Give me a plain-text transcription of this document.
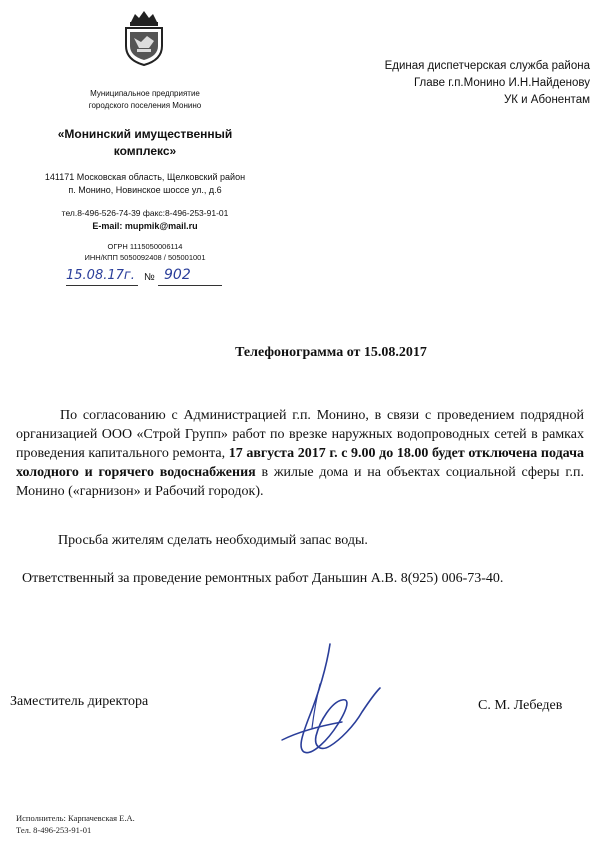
Муниципальное предприятие
городского поселения Монино
«Монинский имущественный
комплекс»
141171 Московская область, Щелковский район
п. Монино, Новинское шоссе ул., д.6
тел.8-496-526-74-39 факс:8-496-253-91-01
E-mail: mupmik@mail.ru
ОГРН 1115050006114
ИНН/КПП 5050092408 / 505001001
15.08.17г. № 902
Единая диспетчерская служба района
Главе г.п.Монино И.Н.Найденову
УК и Абонентам
Телефонограмма от 15.08.2017
По согласованию с Администрацией г.п. Монино, в связи с проведением подрядной организацией ООО «Строй Групп» работ по врезке наружных водопроводных сетей в рамках проведения капитального ремонта, 17 августа 2017 г. с 9.00 до 18.00 будет отключена подача холодного и горячего водоснабжения в жилые дома и на объектах социальной сферы г.п. Монино («гарнизон» и Рабочий городок).
Просьба жителям сделать необходимый запас воды.
Ответственный за проведение ремонтных работ Даньшин А.В. 8(925) 006-73-40.
Заместитель директора	С. М. Лебедев
Исполнитель: Карпачевская Е.А.
Тел. 8-496-253-91-01
